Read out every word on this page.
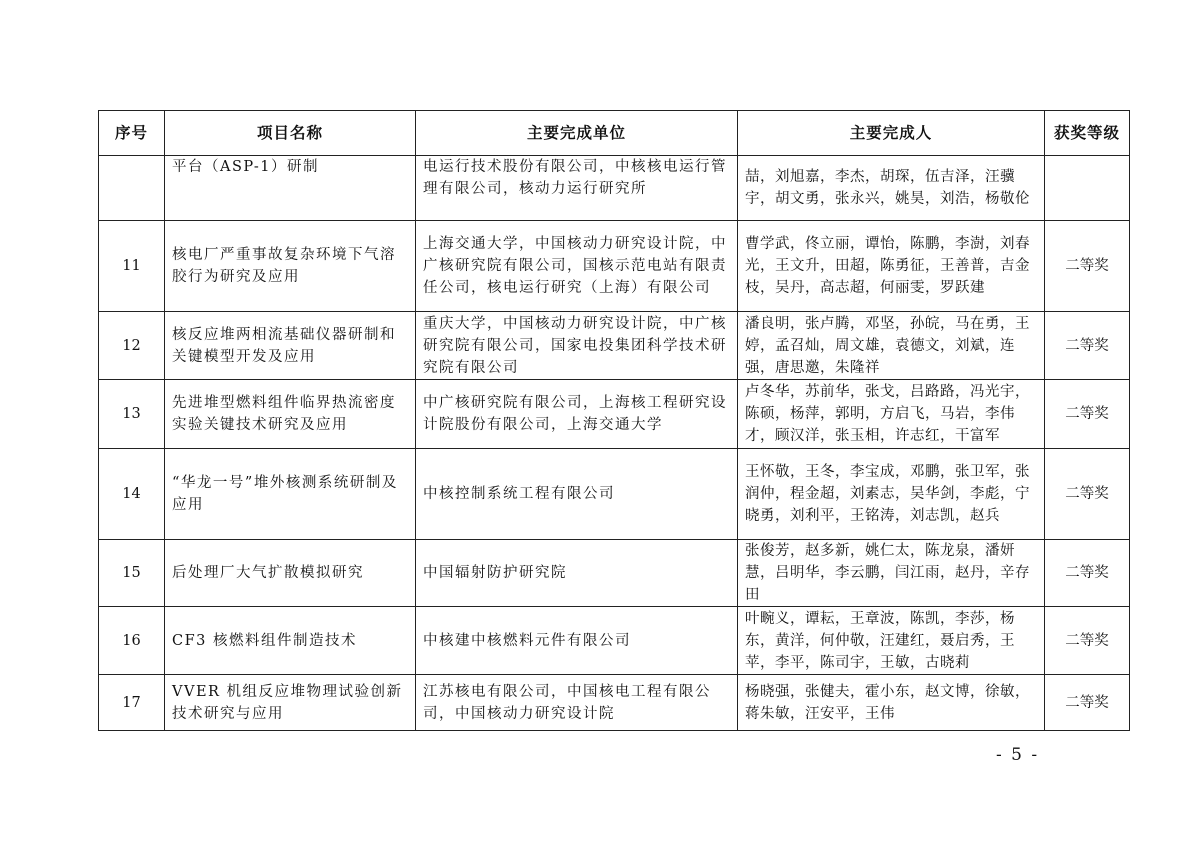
序号	项目名称	主要完成单位	主要完成人	获奖等级
	平台（ASP-1）研制	电运行技术股份有限公司，中核核电运行管理有限公司，核动力运行研究所	喆，刘旭嘉，李杰，胡琛，伍吉泽，汪骥宇，胡文勇，张永兴，姚昊，刘浩，杨敬伦	
11	核电厂严重事故复杂环境下气溶胶行为研究及应用	上海交通大学，中国核动力研究设计院，中广核研究院有限公司，国核示范电站有限责任公司，核电运行研究（上海）有限公司	曹学武，佟立丽，谭怡，陈鹏，李澍，刘春光，王文升，田超，陈勇征，王善普，吉金枝，吴丹，高志超，何丽雯，罗跃建	二等奖
12	核反应堆两相流基础仪器研制和关键模型开发及应用	重庆大学，中国核动力研究设计院，中广核研究院有限公司，国家电投集团科学技术研究院有限公司	潘良明，张卢腾，邓坚，孙皖，马在勇，王婷，孟召灿，周文雄，袁德文，刘斌，连强，唐思邀，朱隆祥	二等奖
13	先进堆型燃料组件临界热流密度实验关键技术研究及应用	中广核研究院有限公司，上海核工程研究设计院股份有限公司，上海交通大学	卢冬华，苏前华，张戈，吕路路，冯光宇，陈硕，杨萍，郭明，方启飞，马岩，李伟才，顾汉洋，张玉相，许志红，干富军	二等奖
14	“华龙一号”堆外核测系统研制及应用	中核控制系统工程有限公司	王怀敬，王冬，李宝成，邓鹏，张卫军，张润仲，程金超，刘素志，吴华剑，李彪，宁晓勇，刘利平，王铭涛，刘志凯，赵兵	二等奖
15	后处理厂大气扩散模拟研究	中国辐射防护研究院	张俊芳，赵多新，姚仁太，陈龙泉，潘妍慧，吕明华，李云鹏，闫江雨，赵丹，辛存田	二等奖
16	CF3 核燃料组件制造技术	中核建中核燃料元件有限公司	叶畹义，谭耘，王章波，陈凯，李莎，杨东，黄洋，何仲敬，汪建红，聂启秀，王苹，李平，陈司宇，王敏，古晓莉	二等奖
17	VVER 机组反应堆物理试验创新技术研究与应用	江苏核电有限公司，中国核电工程有限公司，中国核动力研究设计院	杨晓强，张健夫，霍小东，赵文博，徐敏，蒋朱敏，汪安平，王伟	二等奖
- 5 -
